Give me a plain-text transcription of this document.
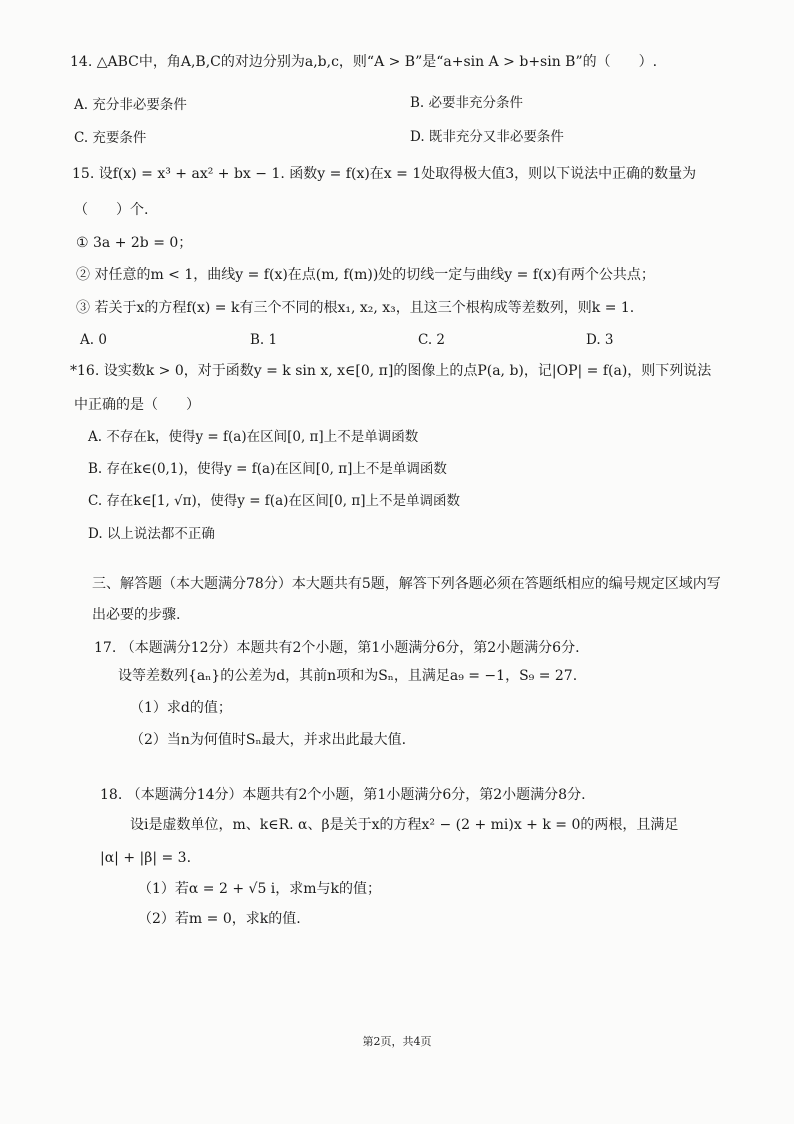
14. △ABC中，角A,B,C的对边分别为a,b,c，则“A > B”是“a+sin A > b+sin B”的（　　）.
A. 充分非必要条件	B. 必要非充分条件
C. 充要条件	D. 既非充分又非必要条件
15. 设f(x) = x³ + ax² + bx − 1. 函数y = f(x)在x = 1处取得极大值3，则以下说法中正确的数量为
（　　）个.
① 3a + 2b = 0；
② 对任意的m < 1，曲线y = f(x)在点(m, f(m))处的切线一定与曲线y = f(x)有两个公共点；
③ 若关于x的方程f(x) = k有三个不同的根x₁, x₂, x₃，且这三个根构成等差数列，则k = 1.
A. 0	B. 1	C. 2	D. 3
*16. 设实数k > 0，对于函数y = k sin x, x∈[0, π]的图像上的点P(a, b)，记|OP| = f(a)，则下列说法
中正确的是（　　）
A. 不存在k，使得y = f(a)在区间[0, π]上不是单调函数
B. 存在k∈(0,1)，使得y = f(a)在区间[0, π]上不是单调函数
C. 存在k∈[1, √π)，使得y = f(a)在区间[0, π]上不是单调函数
D. 以上说法都不正确
三、解答题（本大题满分78分）本大题共有5题，解答下列各题必须在答题纸相应的编号规定区域内写
出必要的步骤.
17. （本题满分12分）本题共有2个小题，第1小题满分6分，第2小题满分6分.
设等差数列{aₙ}的公差为d，其前n项和为Sₙ，且满足a₉ = −1，S₉ = 27.
（1）求d的值；
（2）当n为何值时Sₙ最大，并求出此最大值.
18. （本题满分14分）本题共有2个小题，第1小题满分6分，第2小题满分8分.
设i是虚数单位，m、k∈R. α、β是关于x的方程x² − (2 + mi)x + k = 0的两根，且满足
|α| + |β| = 3.
（1）若α = 2 + √5 i，求m与k的值；
（2）若m = 0，求k的值.
第2页，共4页
